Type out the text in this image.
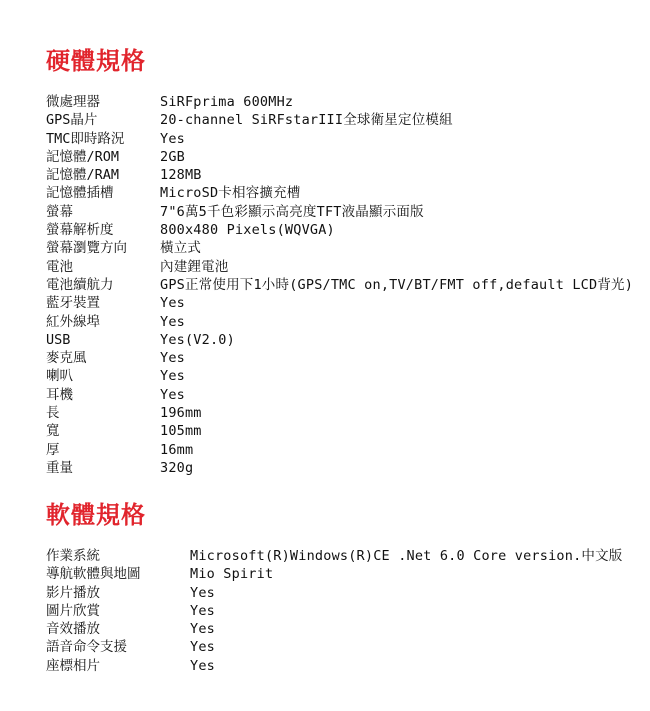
硬體規格
微處理器	SiRFprima 600MHz
GPS晶片	20-channel SiRFstarIII全球衛星定位模組
TMC即時路況	Yes
記憶體/ROM	2GB
記憶體/RAM	128MB
記憶體插槽	MicroSD卡相容擴充槽
螢幕	7"6萬5千色彩顯示高亮度TFT液晶顯示面版
螢幕解析度	800x480 Pixels(WQVGA)
螢幕瀏覽方向	橫立式
電池	內建鋰電池
電池續航力	GPS正常使用下1小時(GPS/TMC on,TV/BT/FMT off,default LCD背光)
藍牙裝置	Yes
紅外線埠	Yes
USB	Yes(V2.0)
麥克風	Yes
喇叭	Yes
耳機	Yes
長	196mm
寬	105mm
厚	16mm
重量	320g
軟體規格
作業系統	Microsoft(R)Windows(R)CE .Net 6.0 Core version.中文版
導航軟體與地圖	Mio Spirit
影片播放	Yes
圖片欣賞	Yes
音效播放	Yes
語音命令支援	Yes
座標相片	Yes
